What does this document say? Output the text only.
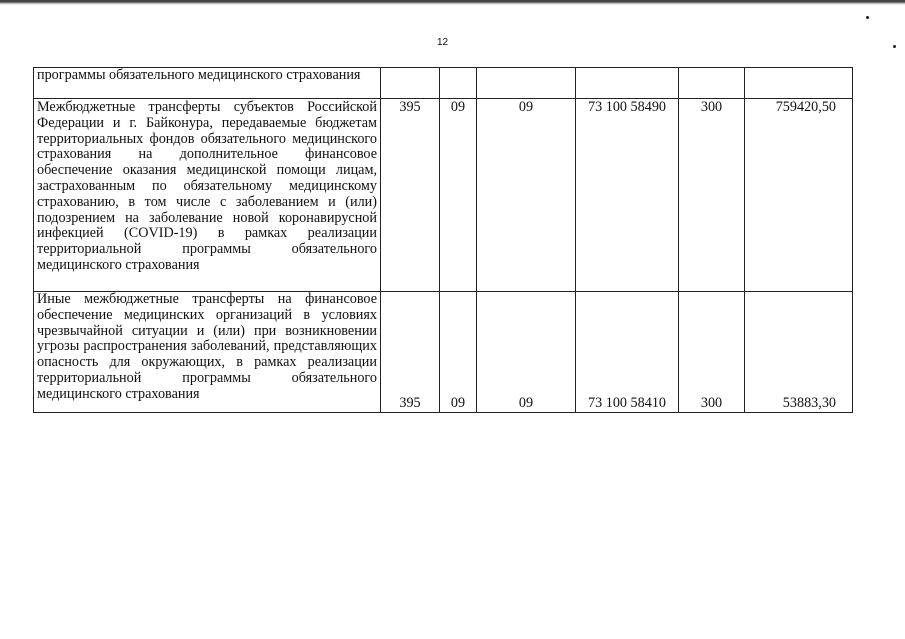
12
программы обязательного медицинского страхования						
Межбюджетные трансферты субъектов Российской Федерации и г. Байконура, передаваемые бюджетам территориальных фондов обязательного медицинского страхования на дополнительное финансовое обеспечение оказания медицинской помощи лицам, застрахованным по обязательному медицинскому страхованию, в том числе с заболеванием и (или) подозрением на заболевание новой коронавирусной инфекцией (COVID-19) в рамках реализации территориальной программы обязательного медицинского страхования	395	09	09	73 100 58490	300	759420,50
Иные межбюджетные трансферты на финансовое обеспечение медицинских организаций в условиях чрезвычайной ситуации и (или) при возникновении угрозы распространения заболеваний, представляющих опасность для окружающих, в рамках реализации территориальной программы обязательного медицинского страхования	395	09	09	73 100 58410	300	53883,30
